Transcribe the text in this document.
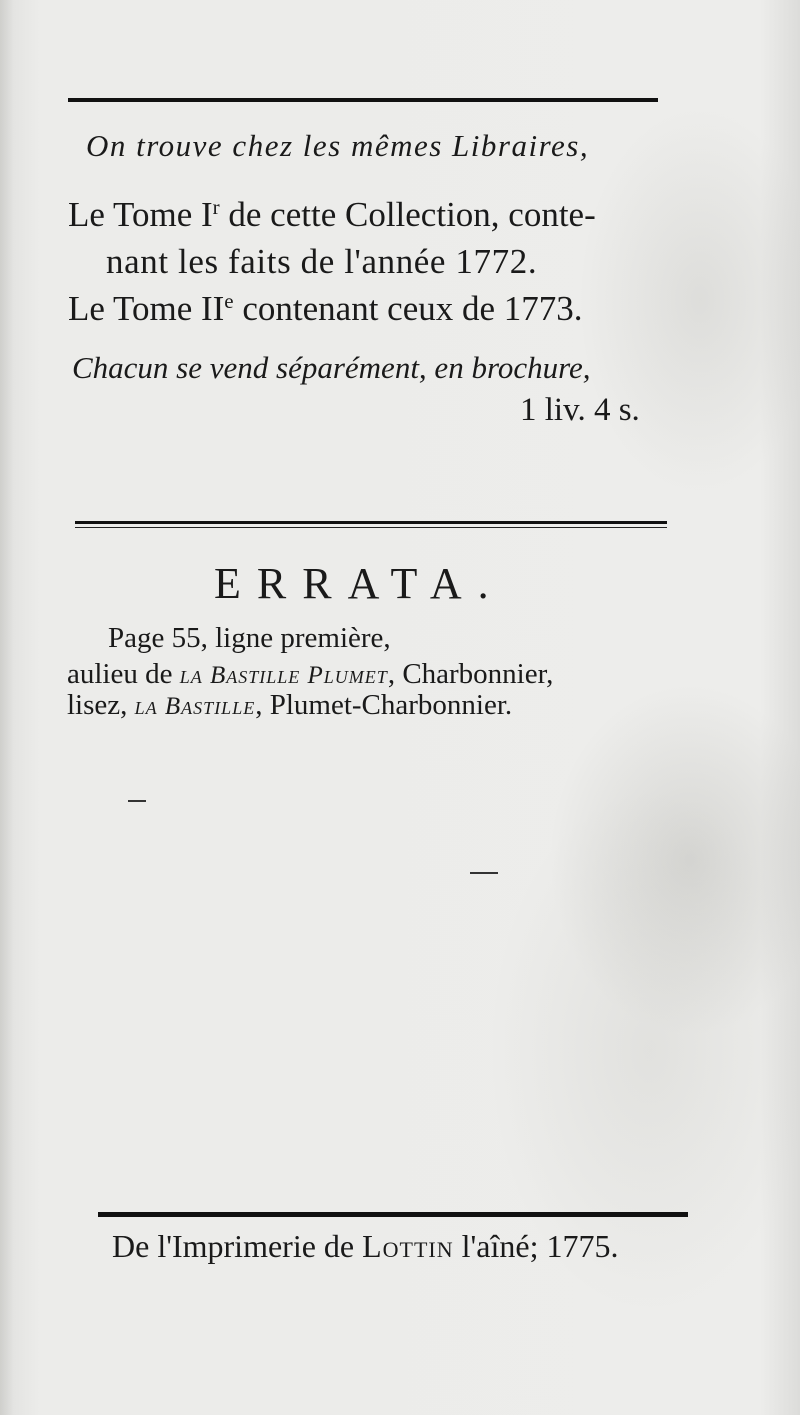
On trouve chez les mêmes Libraires,
Le Tome $I^r$ de cette Collection, conte-
nant les faits de l'année 1772.
Le Tome IIe contenant ceux de 1773.
Chacun se vend séparément, en brochure,
1 liv. 4 s.
ERRATA.
Page 55, ligne première,
aulieu de la Bastille Plumet, Charbonnier,
lisez, la Bastille, Plumet-Charbonnier.
De l'Imprimerie de Lottin l'aîné; 1775.
